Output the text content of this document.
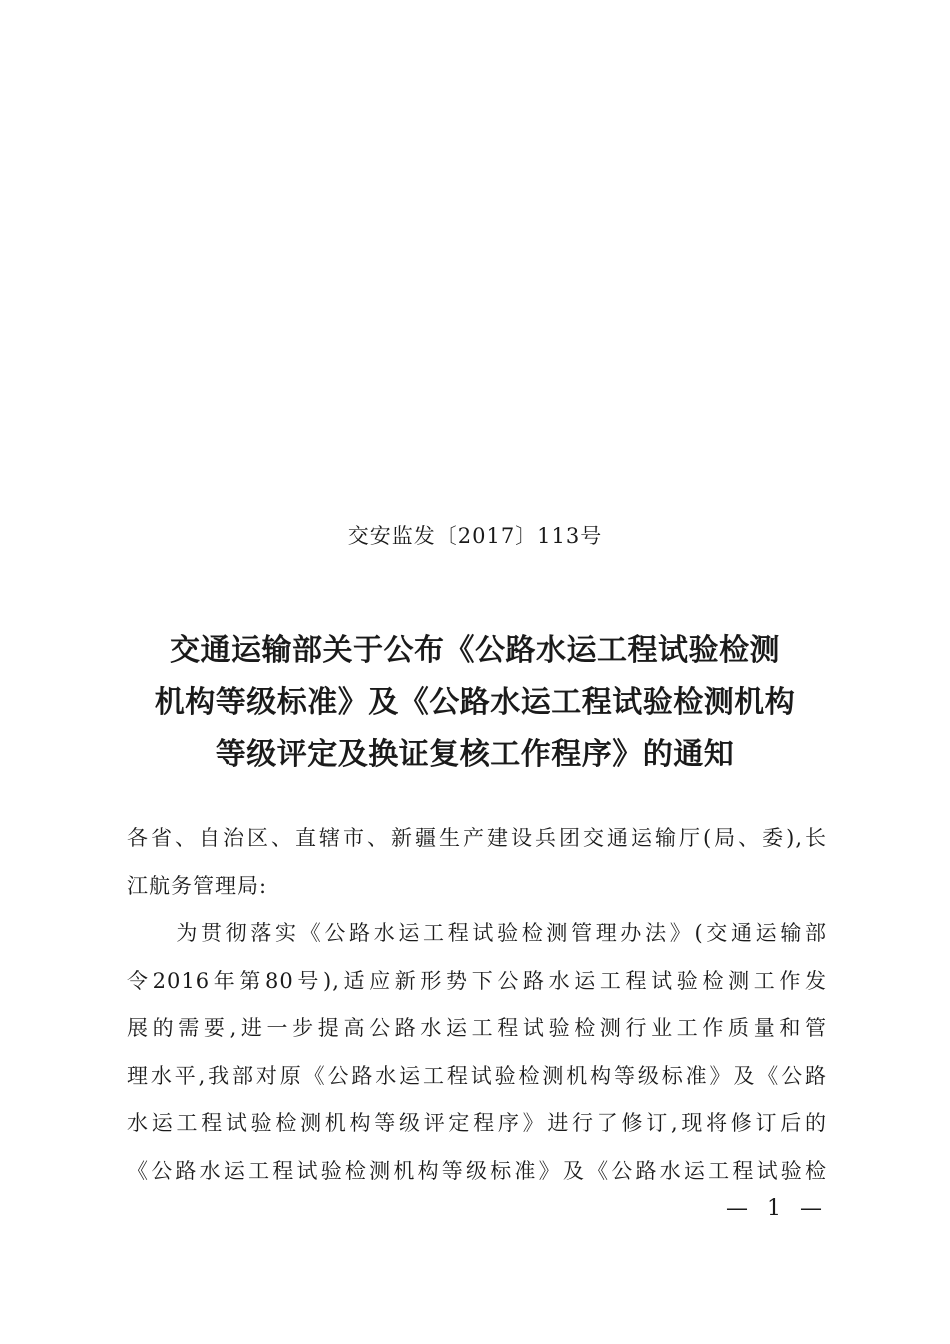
交安监发〔2017〕113号
交通运输部关于公布《公路水运工程试验检测
机构等级标准》及《公路水运工程试验检测机构
等级评定及换证复核工作程序》的通知
各省、自治区、直辖市、新疆生产建设兵团交通运输厅(局、委),长
江航务管理局:
　　为贯彻落实《公路水运工程试验检测管理办法》(交通运输部
令2016年第80号),适应新形势下公路水运工程试验检测工作发
展的需要,进一步提高公路水运工程试验检测行业工作质量和管
理水平,我部对原《公路水运工程试验检测机构等级标准》及《公路
水运工程试验检测机构等级评定程序》进行了修订,现将修订后的
《公路水运工程试验检测机构等级标准》及《公路水运工程试验检
— 1 —
